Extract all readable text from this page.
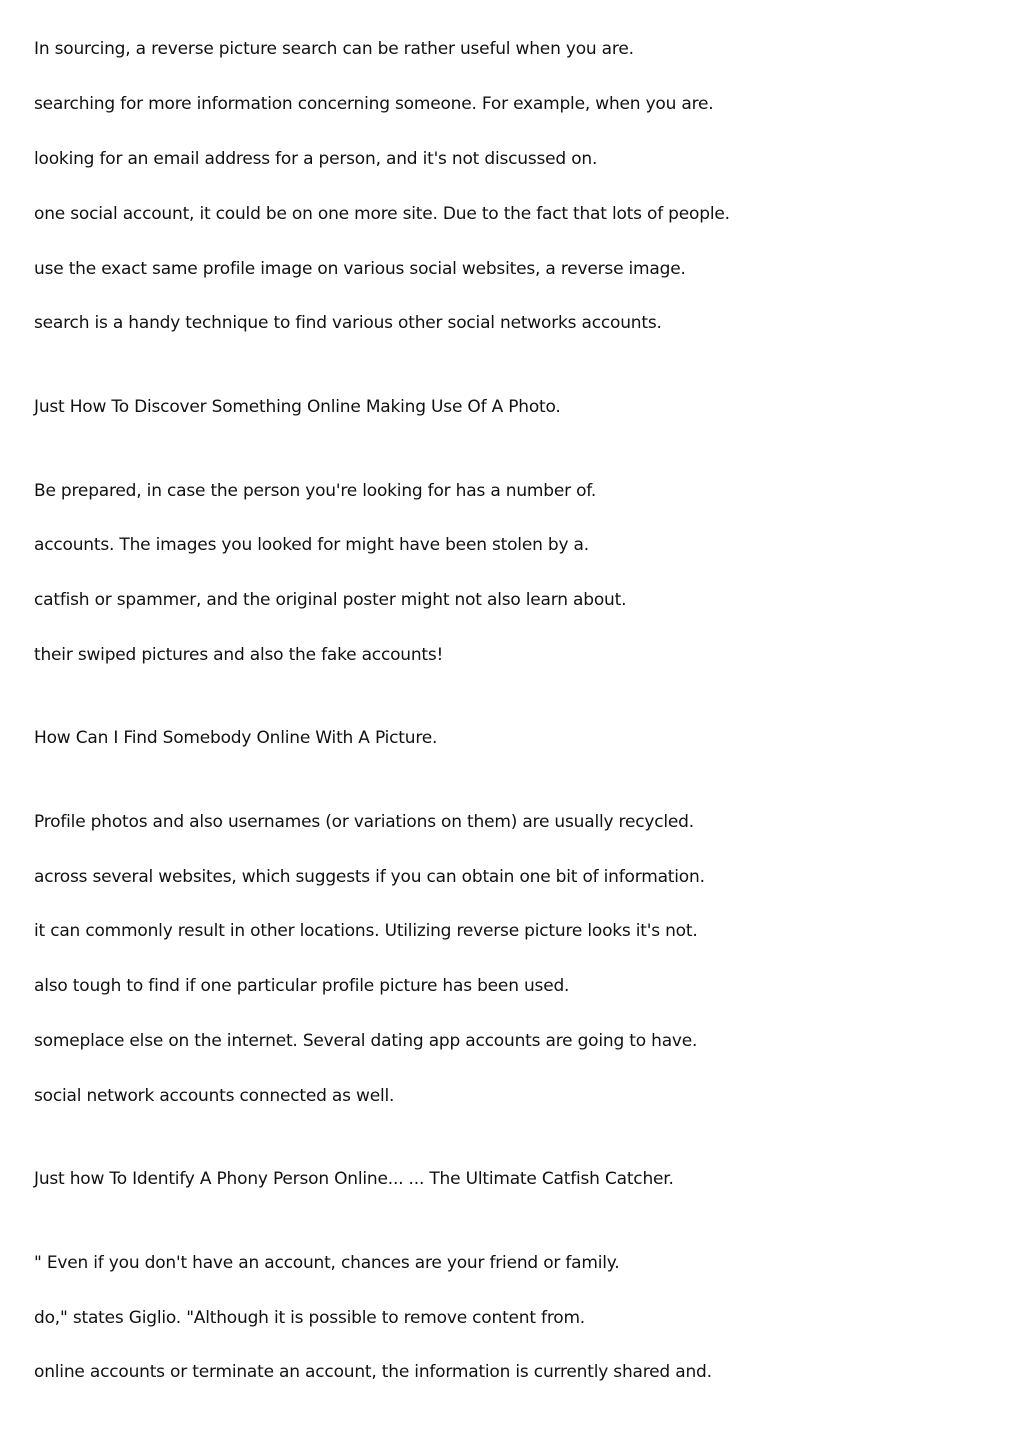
In sourcing, a reverse picture search can be rather useful when you are.
searching for more information concerning someone. For example, when you are.
looking for an email address for a person, and it's not discussed on.
one social account, it could be on one more site. Due to the fact that lots of people.
use the exact same profile image on various social websites, a reverse image.
search is a handy technique to find various other social networks accounts.
Just How To Discover Something Online Making Use Of A Photo.
Be prepared, in case the person you're looking for has a number of.
accounts. The images you looked for might have been stolen by a.
catfish or spammer, and the original poster might not also learn about.
their swiped pictures and also the fake accounts!
How Can I Find Somebody Online With A Picture.
Profile photos and also usernames (or variations on them) are usually recycled.
across several websites, which suggests if you can obtain one bit of information.
it can commonly result in other locations. Utilizing reverse picture looks it's not.
also tough to find if one particular profile picture has been used.
someplace else on the internet. Several dating app accounts are going to have.
social network accounts connected as well.
Just how To Identify A Phony Person Online... ... The Ultimate Catfish Catcher.
" Even if you don't have an account, chances are your friend or family.
do," states Giglio. "Although it is possible to remove content from.
online accounts or terminate an account, the information is currently shared and.
